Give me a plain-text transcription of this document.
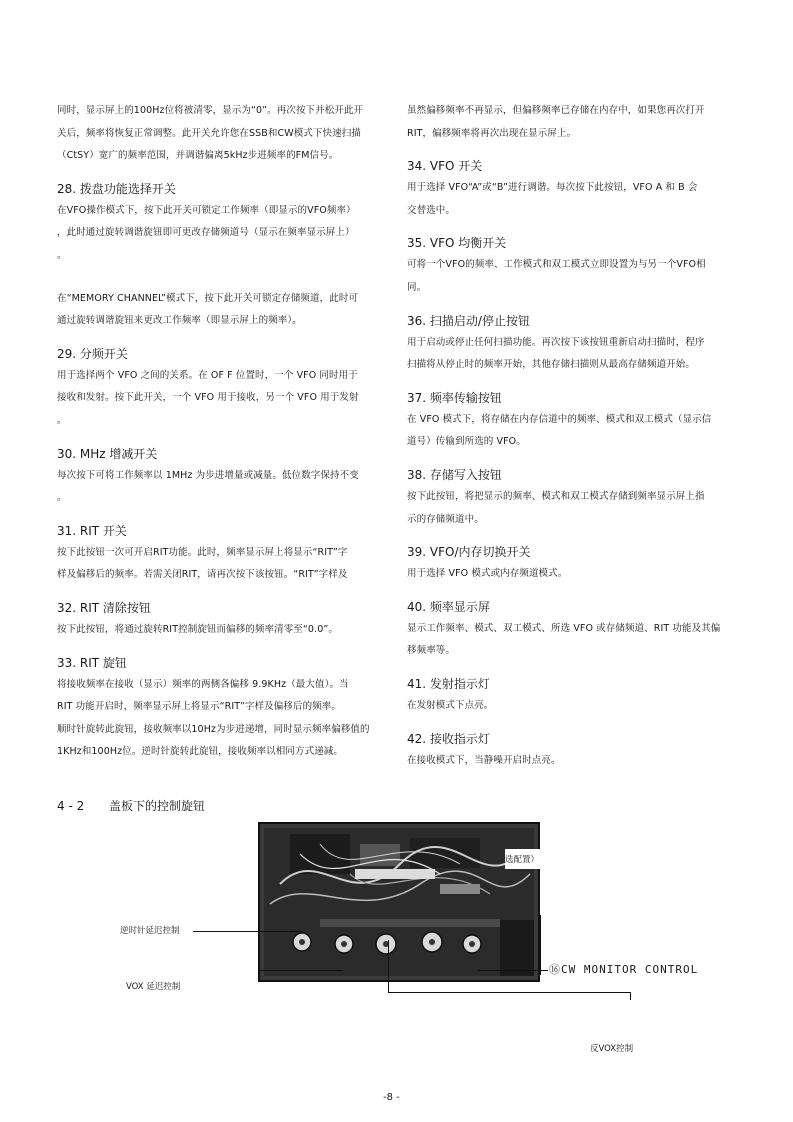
同时，显示屏上的100Hz位将被清零，显示为“0”。再次按下并松开此开

关后，频率将恢复正常调整。此开关允许您在SSB和CW模式下快速扫描

（CtSY）宽广的频率范围，并调谐偏离5kHz步进频率的FM信号。

28. 拨盘功能选择开关

在VFO操作模式下，按下此开关可锁定工作频率（即显示的VFO频率）

，此时通过旋转调谐旋钮即可更改存储频道号（显示在频率显示屏上）

。

在“MEMORY CHANNEL”模式下，按下此开关可锁定存储频道，此时可

通过旋转调谐旋钮来更改工作频率（即显示屏上的频率）。

29. 分频开关

用于选择两个 VFO 之间的关系。在 OF F 位置时，一个 VFO 同时用于

接收和发射。按下此开关，一个 VFO 用于接收，另一个 VFO 用于发射

。

30. MHz 增减开关

每次按下可将工作频率以 1MHz 为步进增量或减量。低位数字保持不变

。

31. RIT 开关

按下此按钮一次可开启RIT功能。此时，频率显示屏上将显示“RIT”字

样及偏移后的频率。若需关闭RIT，请再次按下该按钮。“RIT”字样及

32. RIT 清除按钮

按下此按钮，将通过旋转RIT控制旋钮而偏移的频率清零至“0.0”。

33. RIT 旋钮

将接收频率在接收（显示）频率的两侧各偏移 9.9KHz（最大值）。当

RIT 功能开启时，频率显示屏上将显示“RIT”字样及偏移后的频率。

顺时针旋转此旋钮，接收频率以10Hz为步进递增，同时显示频率偏移值的

1KHz和100Hz位。逆时针旋转此旋钮，接收频率以相同方式递减。

虽然偏移频率不再显示，但偏移频率已存储在内存中，如果您再次打开

RIT，偏移频率将再次出现在显示屏上。

34. VFO 开关

用于选择 VFO“A”或“B”进行调谐。每次按下此按钮，VFO A 和 B 会

交替选中。

35. VFO 均衡开关

可将一个VFO的频率、工作模式和双工模式立即设置为与另一个VFO相

同。

36. 扫描启动/停止按钮

用于启动或停止任何扫描功能。再次按下该按钮重新启动扫描时，程序

扫描将从停止时的频率开始，其他存储扫描则从最高存储频道开始。

37. 频率传输按钮

在 VFO 模式下，将存储在内存信道中的频率、模式和双工模式（显示信

道号）传输到所选的 VFO。

38. 存储写入按钮

按下此按钮，将把显示的频率、模式和双工模式存储到频率显示屏上指

示的存储频道中。

39. VFO/内存切换开关

用于选择 VFO 模式或内存频道模式。

40. 频率显示屏

显示工作频率、模式、双工模式、所选 VFO 或存储频道、RIT 功能及其偏

移频率等。

41. 发射指示灯

在发射模式下点亮。

42. 接收指示灯

在接收模式下，当静噪开启时点亮。

4 - 2 盖板下的控制旋钮
选配置）
逆时针延迟控制
VOX 延迟控制
⑯CW MONITOR CONTROL
反VOX控制
-8 -
